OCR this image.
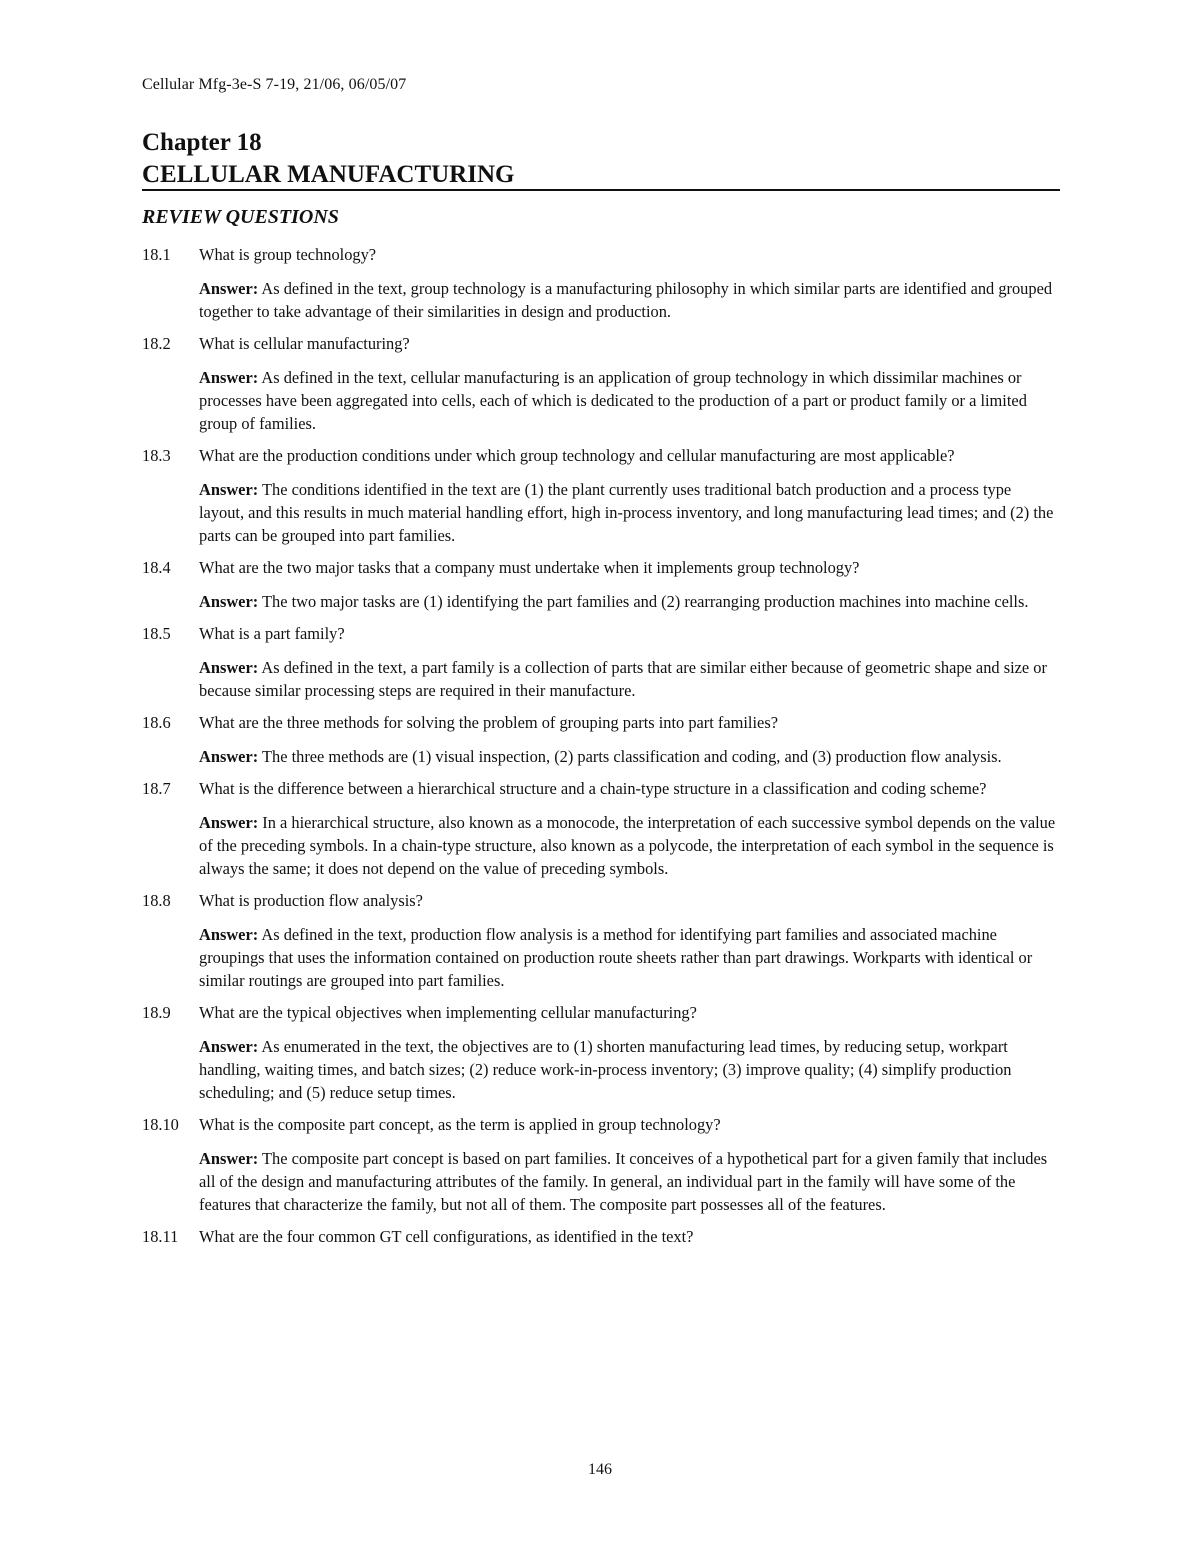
Cellular Mfg-3e-S 7-19, 21/06, 06/05/07
Chapter 18
CELLULAR MANUFACTURING
REVIEW QUESTIONS
18.1	What is group technology?
Answer: As defined in the text, group technology is a manufacturing philosophy in which similar parts are identified and grouped together to take advantage of their similarities in design and production.
18.2	What is cellular manufacturing?
Answer: As defined in the text, cellular manufacturing is an application of group technology in which dissimilar machines or processes have been aggregated into cells, each of which is dedicated to the production of a part or product family or a limited group of families.
18.3	What are the production conditions under which group technology and cellular manufacturing are most applicable?
Answer: The conditions identified in the text are (1) the plant currently uses traditional batch production and a process type layout, and this results in much material handling effort, high in-process inventory, and long manufacturing lead times; and (2) the parts can be grouped into part families.
18.4	What are the two major tasks that a company must undertake when it implements group technology?
Answer: The two major tasks are (1) identifying the part families and (2) rearranging production machines into machine cells.
18.5	What is a part family?
Answer: As defined in the text, a part family is a collection of parts that are similar either because of geometric shape and size or because similar processing steps are required in their manufacture.
18.6	What are the three methods for solving the problem of grouping parts into part families?
Answer: The three methods are (1) visual inspection, (2) parts classification and coding, and (3) production flow analysis.
18.7	What is the difference between a hierarchical structure and a chain-type structure in a classification and coding scheme?
Answer: In a hierarchical structure, also known as a monocode, the interpretation of each successive symbol depends on the value of the preceding symbols. In a chain-type structure, also known as a polycode, the interpretation of each symbol in the sequence is always the same; it does not depend on the value of preceding symbols.
18.8	What is production flow analysis?
Answer: As defined in the text, production flow analysis is a method for identifying part families and associated machine groupings that uses the information contained on production route sheets rather than part drawings. Workparts with identical or similar routings are grouped into part families.
18.9	What are the typical objectives when implementing cellular manufacturing?
Answer: As enumerated in the text, the objectives are to (1) shorten manufacturing lead times, by reducing setup, workpart handling, waiting times, and batch sizes; (2) reduce work-in-process inventory; (3) improve quality; (4) simplify production scheduling; and (5) reduce setup times.
18.10	What is the composite part concept, as the term is applied in group technology?
Answer: The composite part concept is based on part families. It conceives of a hypothetical part for a given family that includes all of the design and manufacturing attributes of the family. In general, an individual part in the family will have some of the features that characterize the family, but not all of them. The composite part possesses all of the features.
18.11	What are the four common GT cell configurations, as identified in the text?
146
